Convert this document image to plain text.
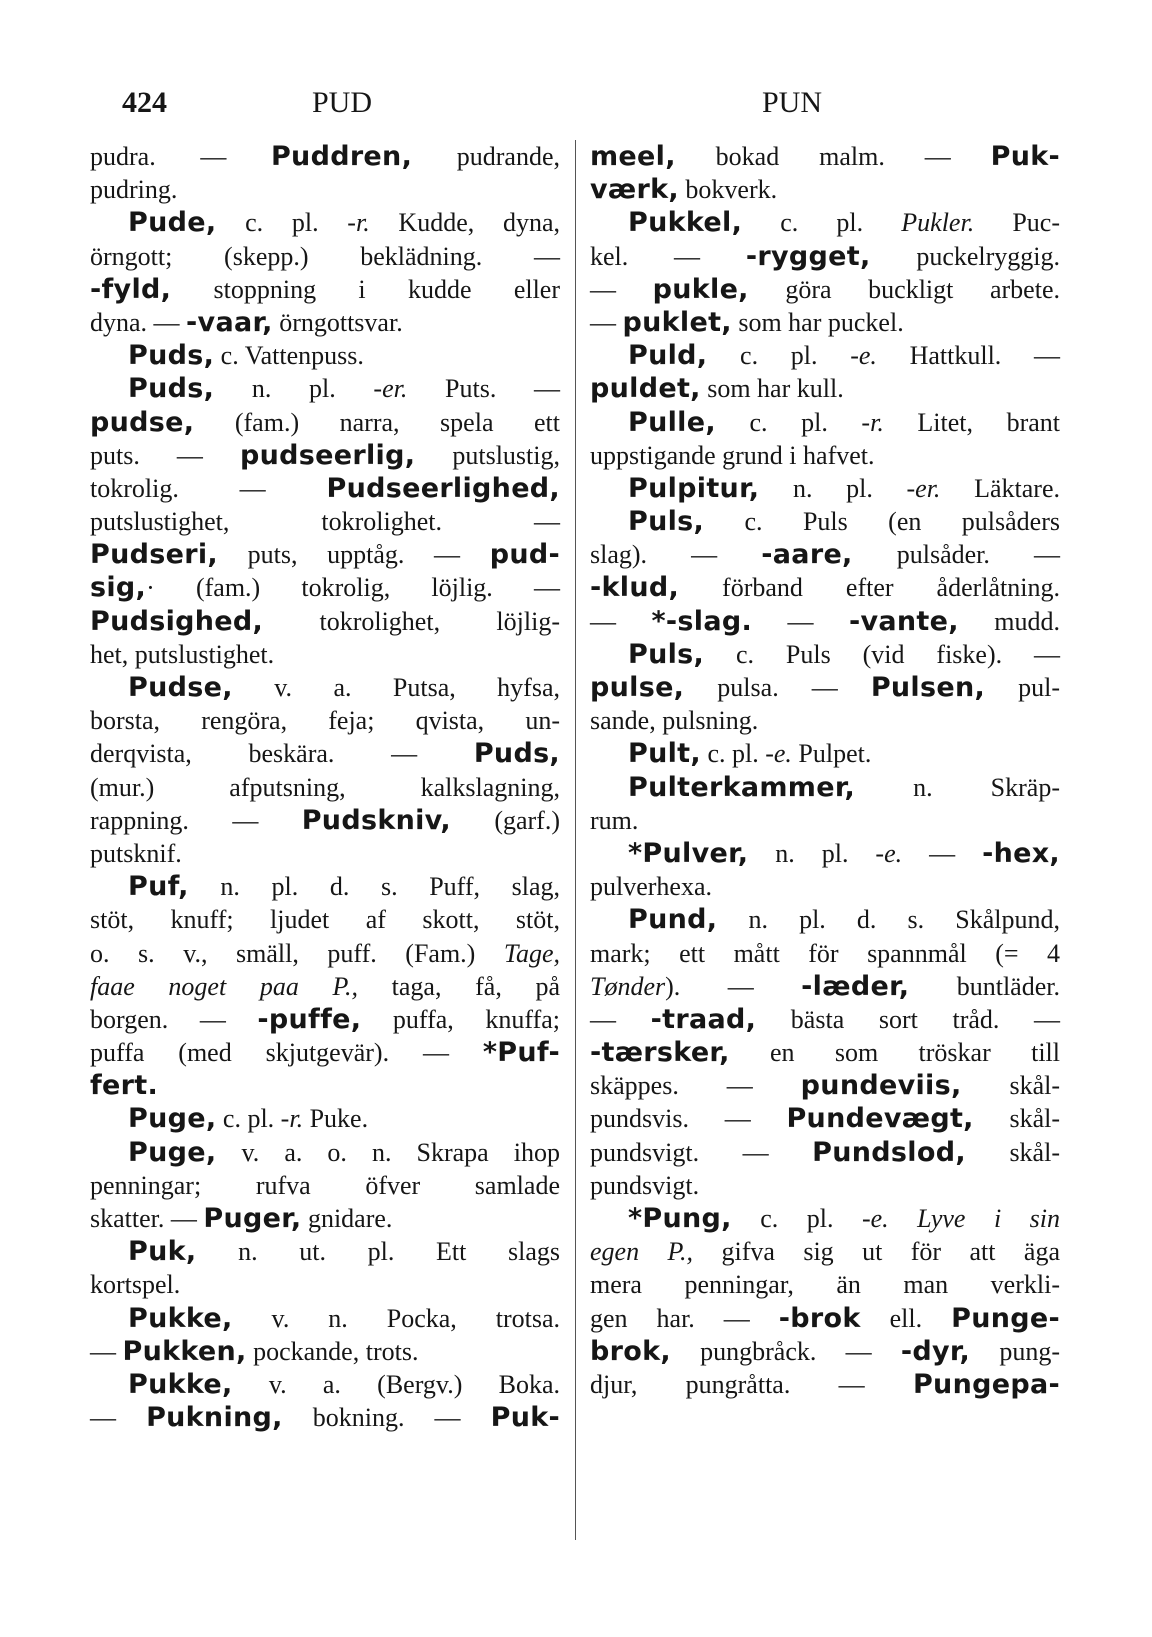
424	PUD	PUN
pudra. — Puddren, pudrande,
pudring.
Pude, c. pl. -r. Kudde, dyna,
örngott; (skepp.) beklädning. —
-fyld, stoppning i kudde eller
dyna. — -vaar, örngottsvar.
Puds, c. Vattenpuss.
Puds, n. pl. -er. Puts. —
pudse, (fam.) narra, spela ett
puts. — pudseerlig, putslustig,
tokrolig. — Pudseerlighed,
putslustighet, tokrolighet. —
Pudseri, puts, upptåg. — pud-
sig,· (fam.) tokrolig, löjlig. —
Pudsighed, tokrolighet, löjlig-
het, putslustighet.
Pudse, v. a. Putsa, hyfsa,
borsta, rengöra, feja; qvista, un-
derqvista, beskära. — Puds,
(mur.) afputsning, kalkslagning,
rappning. — Pudskniv, (garf.)
putsknif.
Puf, n. pl. d. s. Puff, slag,
stöt, knuff; ljudet af skott, stöt,
o. s. v., smäll, puff. (Fam.) Tage,
faae noget paa P., taga, få, på
borgen. — -puffe, puffa, knuffa;
puffa (med skjutgevär). — *Puf-
fert.
Puge, c. pl. -r. Puke.
Puge, v. a. o. n. Skrapa ihop
penningar; rufva öfver samlade
skatter. — Puger, gnidare.
Puk, n. ut. pl. Ett slags
kortspel.
Pukke, v. n. Pocka, trotsa.
— Pukken, pockande, trots.
Pukke, v. a. (Bergv.) Boka.
— Pukning, bokning. — Puk-
meel, bokad malm. — Puk-
værk, bokverk.
Pukkel, c. pl. Pukler. Puc-
kel. — -rygget, puckelryggig.
— pukle, göra buckligt arbete.
— puklet, som har puckel.
Puld, c. pl. -e. Hattkull. —
puldet, som har kull.
Pulle, c. pl. -r. Litet, brant
uppstigande grund i hafvet.
Pulpitur, n. pl. -er. Läktare.
Puls, c. Puls (en pulsåders
slag). — -aare, pulsåder. —
-klud, förband efter åderlåtning.
— *-slag. — -vante, mudd.
Puls, c. Puls (vid fiske). —
pulse, pulsa. — Pulsen, pul-
sande, pulsning.
Pult, c. pl. -e. Pulpet.
Pulterkammer, n. Skräp-
rum.
*Pulver, n. pl. -e. — -hex,
pulverhexa.
Pund, n. pl. d. s. Skålpund,
mark; ett mått för spannmål (= 4
Tønder). — -læder, buntläder.
— -traad, bästa sort tråd. —
-tærsker, en som tröskar till
skäppes. — pundeviis, skål-
pundsvis. — Pundevægt, skål-
pundsvigt. — Pundslod, skål-
pundsvigt.
*Pung, c. pl. -e. Lyve i sin
egen P., gifva sig ut för att äga
mera penningar, än man verkli-
gen har. — -brok ell. Punge-
brok, pungbråck. — -dyr, pung-
djur, pungråtta. — Pungepa-
